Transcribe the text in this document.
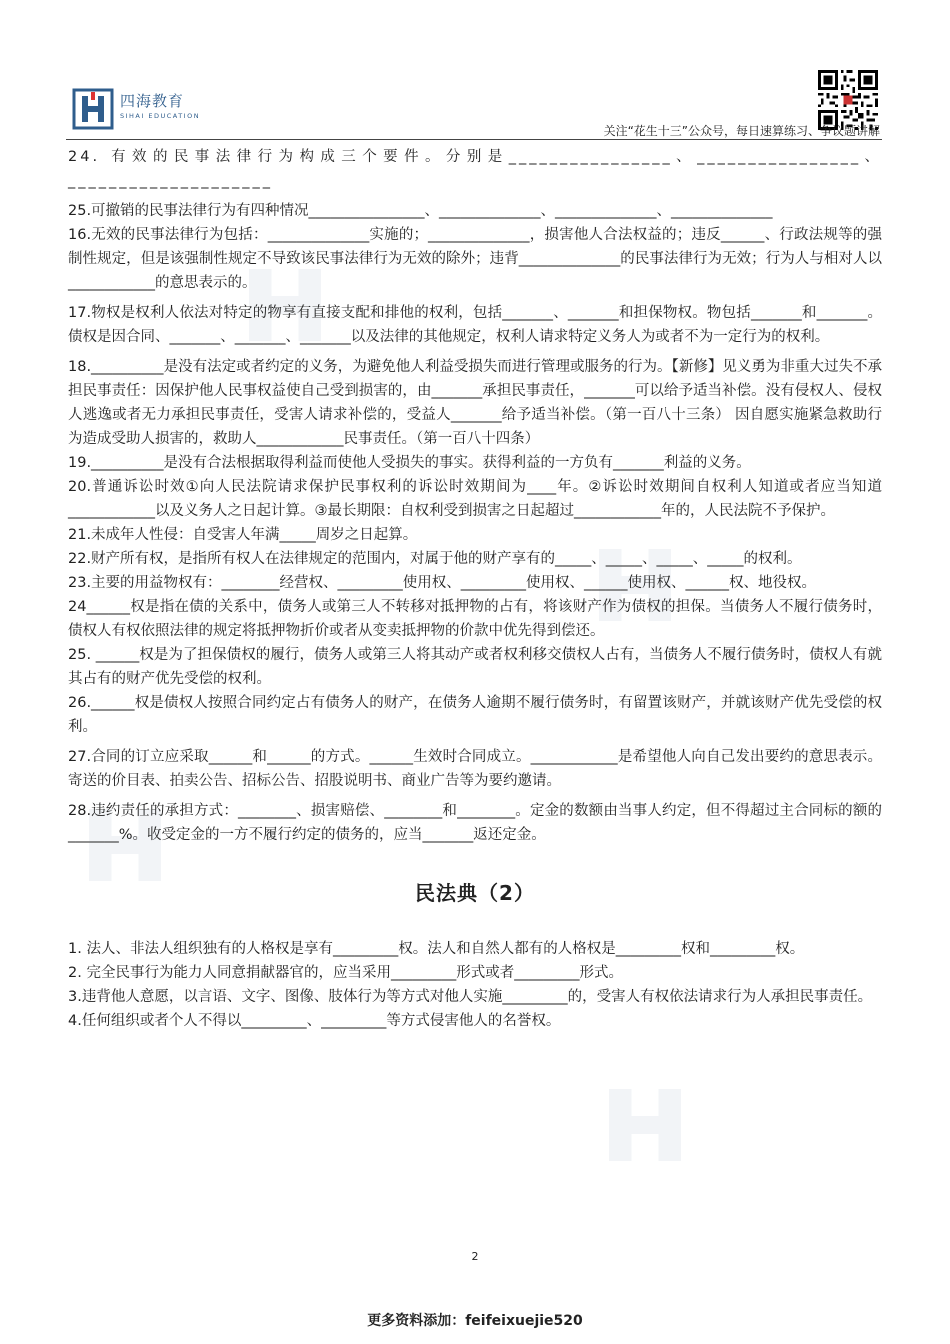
四海教育
SIHAI EDUCATION
关注“花生十三”公众号，每日速算练习、争议题讲解

24. 有效的民事法律行为构成三个要件。分别是________________、________________、____________________

25.可撤销的民事法律行为有四种情况________________、______________、______________、______________

16.无效的民事法律行为包括：______________实施的；______________，损害他人合法权益的；违反______、行政法规等的强制性规定，但是该强制性规定不导致该民事法律行为无效的除外；违背______________的民事法律行为无效；行为人与相对人以____________的意思表示的。

17.物权是权利人依法对特定的物享有直接支配和排他的权利，包括_______、_______和担保物权。物包括_______和_______。债权是因合同、_______、_______、_______以及法律的其他规定，权利人请求特定义务人为或者不为一定行为的权利。

18.__________是没有法定或者约定的义务，为避免他人利益受损失而进行管理或服务的行为。【新修】见义勇为非重大过失不承担民事责任：因保护他人民事权益使自己受到损害的，由_______承担民事责任，_______可以给予适当补偿。没有侵权人、侵权人逃逸或者无力承担民事责任，受害人请求补偿的，受益人_______给予适当补偿。（第一百八十三条） 因自愿实施紧急救助行为造成受助人损害的，救助人____________民事责任。（第一百八十四条）

19.__________是没有合法根据取得利益而使他人受损失的事实。获得利益的一方负有_______利益的义务。

20.普通诉讼时效①向人民法院请求保护民事权利的诉讼时效期间为____年。②诉讼时效期间自权利人知道或者应当知道____________以及义务人之日起计算。③最长期限：自权利受到损害之日起超过____________年的，人民法院不予保护。

21.未成年人性侵：自受害人年满_____周岁之日起算。

22.财产所有权，是指所有权人在法律规定的范围内，对属于他的财产享有的_____、_____、_____、_____的权利。

23.主要的用益物权有：________经营权、_________使用权、_________使用权、______使用权、______权、地役权。

24______权是指在债的关系中，债务人或第三人不转移对抵押物的占有，将该财产作为债权的担保。当债务人不履行债务时，债权人有权依照法律的规定将抵押物折价或者从变卖抵押物的价款中优先得到偿还。

25. ______权是为了担保债权的履行，债务人或第三人将其动产或者权利移交债权人占有，当债务人不履行债务时，债权人有就其占有的财产优先受偿的权利。

26.______权是债权人按照合同约定占有债务人的财产，在债务人逾期不履行债务时，有留置该财产，并就该财产优先受偿的权利。

27.合同的订立应采取______和______的方式。______生效时合同成立。____________是希望他人向自己发出要约的意思表示。寄送的价目表、拍卖公告、招标公告、招股说明书、商业广告等为要约邀请。

28.违约责任的承担方式：________、损害赔偿、________和________。定金的数额由当事人约定，但不得超过主合同标的额的_______%。收受定金的一方不履行约定的债务的，应当_______返还定金。

民法典（2）

1. 法人、非法人组织独有的人格权是享有_________权。法人和自然人都有的人格权是_________权和_________权。

2. 完全民事行为能力人同意捐献器官的，应当采用_________形式或者_________形式。

3.违背他人意愿，以言语、文字、图像、肢体行为等方式对他人实施_________的，受害人有权依法请求行为人承担民事责任。

4.任何组织或者个人不得以_________、_________等方式侵害他人的名誉权。

2
更多资料添加：feifeixuejie520
